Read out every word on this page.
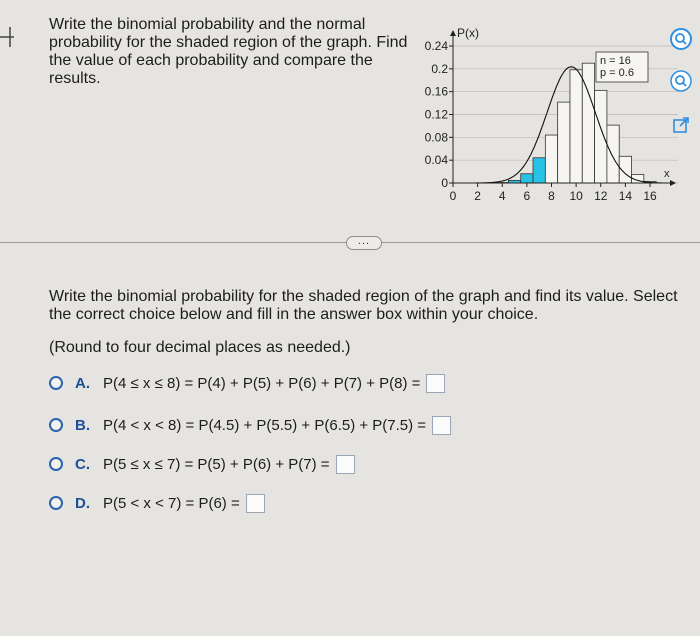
Write the binomial probability and the normal probability for the shaded region of the graph. Find the value of each probability and compare the results.

0
0.04
0.08
0.12
0.16
0.2
0.24
0 2 4 6 8 10 12 14 16
P(x)
x
n = 16
p = 0.6
...

Write the binomial probability for the shaded region of the graph and find its value. Select the correct choice below and fill in the answer box within your choice.

(Round to four decimal places as needed.)
A. P(4 ≤ x ≤ 8) = P(4) + P(5) + P(6) + P(7) + P(8) =
B. P(4 < x < 8) = P(4.5) + P(5.5) + P(6.5) + P(7.5) =
C. P(5 ≤ x ≤ 7) = P(5) + P(6) + P(7) =
D. P(5 < x < 7) = P(6) =
